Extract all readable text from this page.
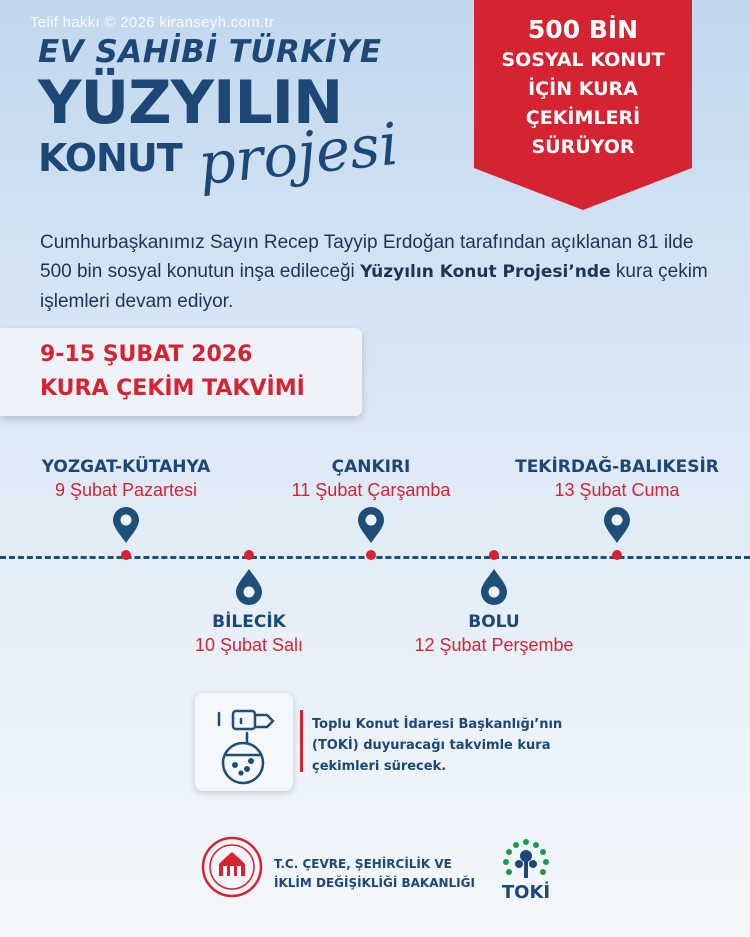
Telif hakkı © 2026 kiranseyh.com.tr
EV SAHİBİ TÜRKİYE
YÜZYILIN
KONUT projesi
500 BİN
SOSYAL KONUT
İÇİN KURA
ÇEKİMLERİ
SÜRÜYOR
Cumhurbaşkanımız Sayın Recep Tayyip Erdoğan tarafından açıklanan 81 ilde 500 bin sosyal konutun inşa edileceği Yüzyılın Konut Projesi’nde kura çekim işlemleri devam ediyor.
9-15 ŞUBAT 2026
KURA ÇEKİM TAKVİMİ
YOZGAT-KÜTAHYA
9 Şubat Pazartesi
BİLECİK
10 Şubat Salı
ÇANKIRI
11 Şubat Çarşamba
BOLU
12 Şubat Perşembe
TEKİRDAĞ-BALIKESİR
13 Şubat Cuma
Toplu Konut İdaresi Başkanlığı’nın (TOKİ) duyuracağı takvimle kura çekimleri sürecek.
T.C. ÇEVRE, ŞEHİRCİLİK VE
İKLİM DEĞİŞİKLİĞİ BAKANLIĞI TOKİ
